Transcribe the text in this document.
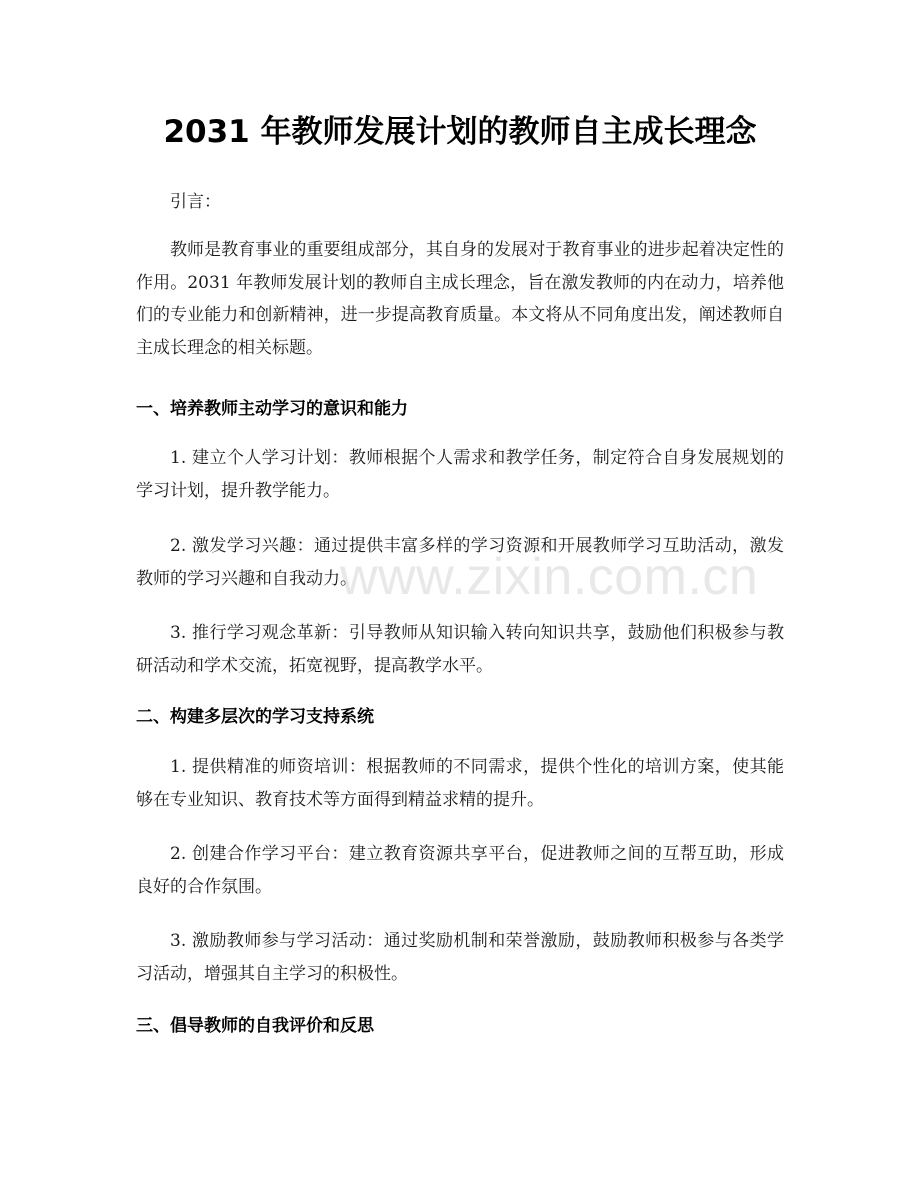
2031 年教师发展计划的教师自主成长理念

引言：

教师是教育事业的重要组成部分，其自身的发展对于教育事业的进步起着决定性的作用。2031 年教师发展计划的教师自主成长理念，旨在激发教师的内在动力，培养他们的专业能力和创新精神，进一步提高教育质量。本文将从不同角度出发，阐述教师自主成长理念的相关标题。

一、培养教师主动学习的意识和能力

1. 建立个人学习计划：教师根据个人需求和教学任务，制定符合自身发展规划的学习计划，提升教学能力。

2. 激发学习兴趣：通过提供丰富多样的学习资源和开展教师学习互助活动，激发教师的学习兴趣和自我动力。

3. 推行学习观念革新：引导教师从知识输入转向知识共享，鼓励他们积极参与教研活动和学术交流，拓宽视野，提高教学水平。

二、构建多层次的学习支持系统

1. 提供精准的师资培训：根据教师的不同需求，提供个性化的培训方案，使其能够在专业知识、教育技术等方面得到精益求精的提升。

2. 创建合作学习平台：建立教育资源共享平台，促进教师之间的互帮互助，形成良好的合作氛围。

3. 激励教师参与学习活动：通过奖励机制和荣誉激励，鼓励教师积极参与各类学习活动，增强其自主学习的积极性。

三、倡导教师的自我评价和反思
www.zixin.com.cn
